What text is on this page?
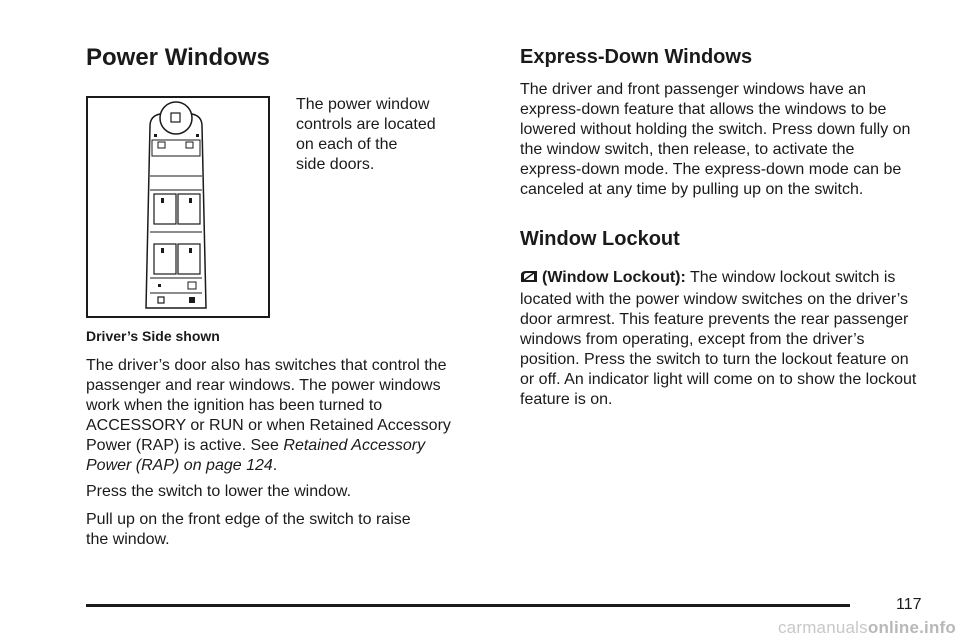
Power Windows

The power window
controls are located
on each of the
side doors.

Driver’s Side shown

The driver’s door also has switches that control the passenger and rear windows. The power windows work when the ignition has been turned to ACCESSORY or RUN or when Retained Accessory Power (RAP) is active. See Retained Accessory Power (RAP) on page 124.

Press the switch to lower the window.

Pull up on the front edge of the switch to raise the window.

Express-Down Windows

The driver and front passenger windows have an express-down feature that allows the windows to be lowered without holding the switch. Press down fully on the window switch, then release, to activate the express-down mode. The express-down mode can be canceled at any time by pulling up on the switch.

Window Lockout

(Window Lockout): The window lockout switch is located with the power window switches on the driver’s door armrest. This feature prevents the rear passenger windows from operating, except from the driver’s position. Press the switch to turn the lockout feature on or off. An indicator light will come on to show the lockout feature is on.

117
carmanualsonline.info
